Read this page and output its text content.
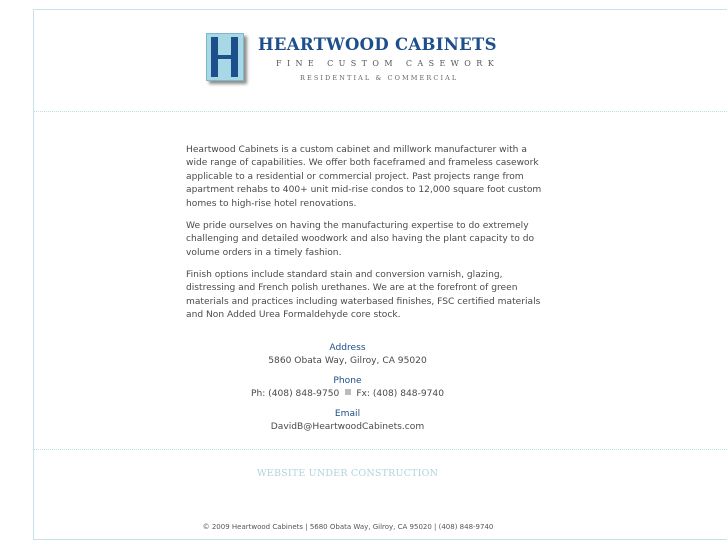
HEARTWOOD CABINETS
FINE CUSTOM CASEWORK
RESIDENTIAL & COMMERCIAL
Heartwood Cabinets is a custom cabinet and millwork manufacturer with a wide range of capabilities. We offer both faceframed and frameless casework applicable to a residential or commercial project. Past projects range from apartment rehabs to 400+ unit mid-rise condos to 12,000 square foot custom homes to high-rise hotel renovations.
We pride ourselves on having the manufacturing expertise to do extremely challenging and detailed woodwork and also having the plant capacity to do volume orders in a timely fashion.
Finish options include standard stain and conversion varnish, glazing, distressing and French polish urethanes. We are at the forefront of green materials and practices including waterbased finishes, FSC certified materials and Non Added Urea Formaldehyde core stock.
Address
5860 Obata Way, Gilroy, CA 95020
Phone
Ph: (408) 848-9750 Fx: (408) 848-9740
Email
DavidB@HeartwoodCabinets.com
WEBSITE UNDER CONSTRUCTION
© 2009 Heartwood Cabinets | 5680 Obata Way, Gilroy, CA 95020 | (408) 848-9740
